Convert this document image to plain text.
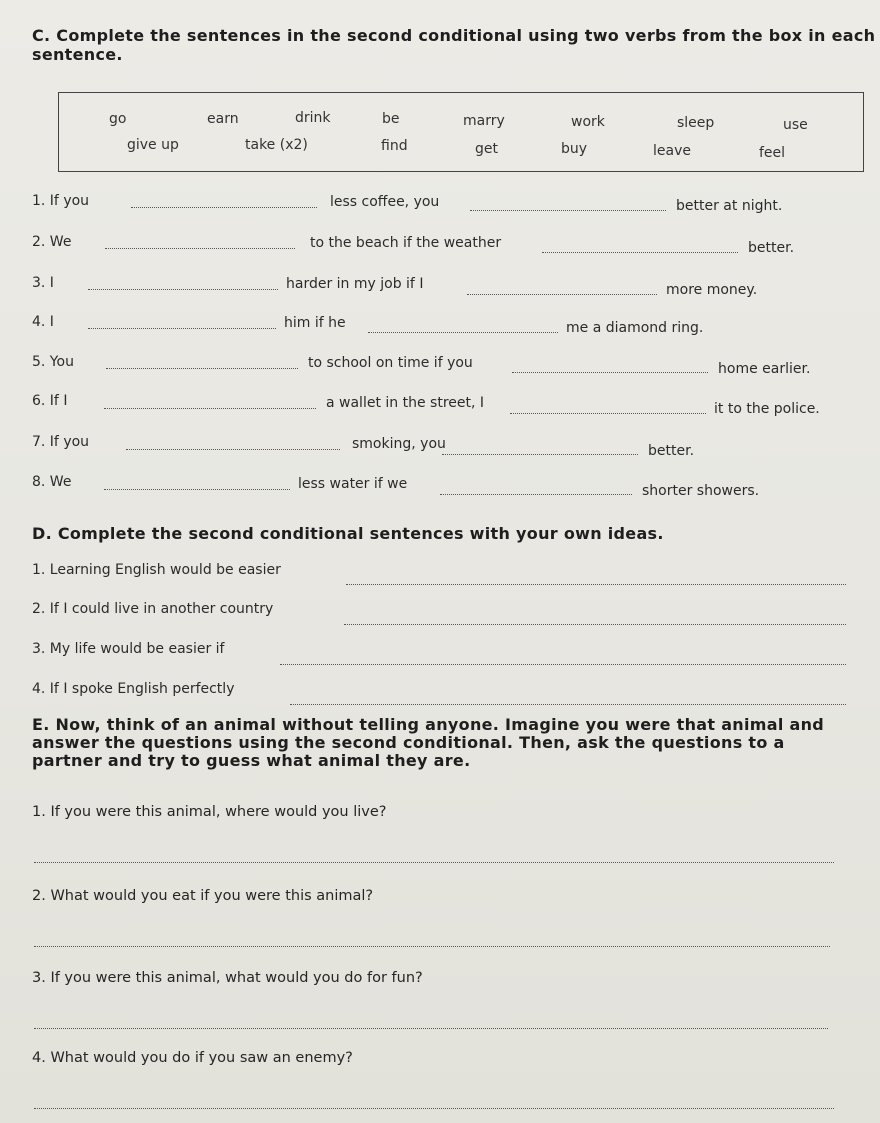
C. Complete the sentences in the second conditional using two verbs from the box in each sentence.
go	earn	drink	be	marry	work	sleep	use
give up	take (x2)	find	get	buy	leave	feel
1. If you	less coffee, you	better at night.
2. We	to the beach if the weather	better.
3. I	harder in my job if I	more money.
4. I	him if he	me a diamond ring.
5. You	to school on time if you	home earlier.
6. If I	a wallet in the street, I	it to the police.
7. If you	smoking, you	better.
8. We	less water if we	shorter showers.
D. Complete the second conditional sentences with your own ideas.
1. Learning English would be easier
2. If I could live in another country
3. My life would be easier if
4. If I spoke English perfectly
E. Now, think of an animal without telling anyone. Imagine you were that animal and answer the questions using the second conditional. Then, ask the questions to a partner and try to guess what animal they are.
1. If you were this animal, where would you live?
2. What would you eat if you were this animal?
3. If you were this animal, what would you do for fun?
4. What would you do if you saw an enemy?
